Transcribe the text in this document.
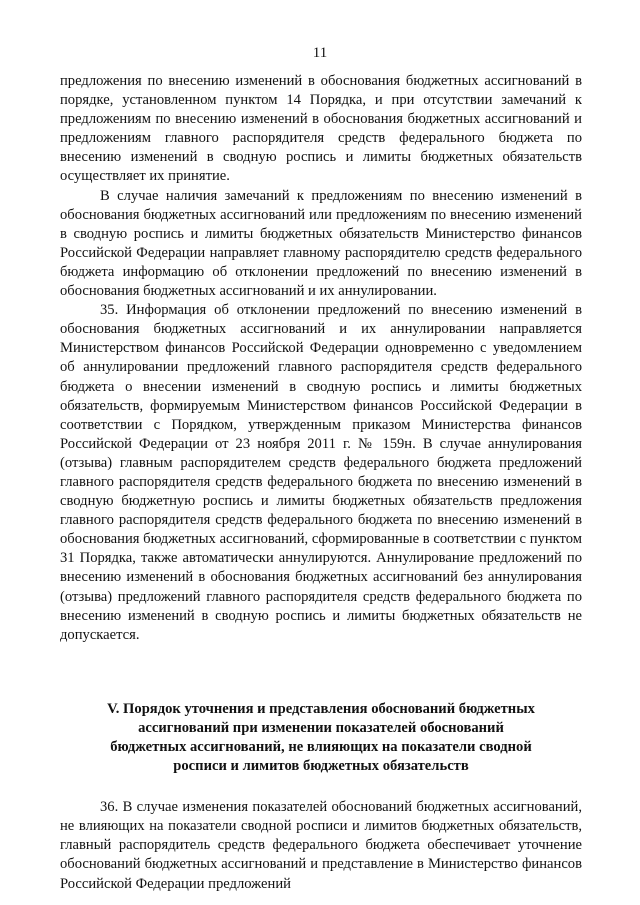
11

предложения по внесению изменений в обоснования бюджетных ассигнований в порядке, установленном пунктом 14 Порядка, и при отсутствии замечаний к предложениям по внесению изменений в обоснования бюджетных ассигнований и предложениям главного распорядителя средств федерального бюджета по внесению изменений в сводную роспись и лимиты бюджетных обязательств осуществляет их принятие.

В случае наличия замечаний к предложениям по внесению изменений в обоснования бюджетных ассигнований или предложениям по внесению изменений в сводную роспись и лимиты бюджетных обязательств Министерство финансов Российской Федерации направляет главному распорядителю средств федерального бюджета информацию об отклонении предложений по внесению изменений в обоснования бюджетных ассигнований и их аннулировании.

35. Информация об отклонении предложений по внесению изменений в обоснования бюджетных ассигнований и их аннулировании направляется Министерством финансов Российской Федерации одновременно с уведомлением об аннулировании предложений главного распорядителя средств федерального бюджета о внесении изменений в сводную роспись и лимиты бюджетных обязательств, формируемым Министерством финансов Российской Федерации в соответствии с Порядком, утвержденным приказом Министерства финансов Российской Федерации от 23 ноября 2011 г. № 159н. В случае аннулирования (отзыва) главным распорядителем средств федерального бюджета предложений главного распорядителя средств федерального бюджета по внесению изменений в сводную бюджетную роспись и лимиты бюджетных обязательств предложения главного распорядителя средств федерального бюджета по внесению изменений в обоснования бюджетных ассигнований, сформированные в соответствии с пунктом 31 Порядка, также автоматически аннулируются. Аннулирование предложений по внесению изменений в обоснования бюджетных ассигнований без аннулирования (отзыва) предложений главного распорядителя средств федерального бюджета по внесению изменений в сводную роспись и лимиты бюджетных обязательств не допускается.

V. Порядок уточнения и представления обоснований бюджетных
ассигнований при изменении показателей обоснований
бюджетных ассигнований, не влияющих на показатели сводной
росписи и лимитов бюджетных обязательств

36. В случае изменения показателей обоснований бюджетных ассигнований, не влияющих на показатели сводной росписи и лимитов бюджетных обязательств, главный распорядитель средств федерального бюджета обеспечивает уточнение обоснований бюджетных ассигнований и представление в Министерство финансов Российской Федерации предложений
